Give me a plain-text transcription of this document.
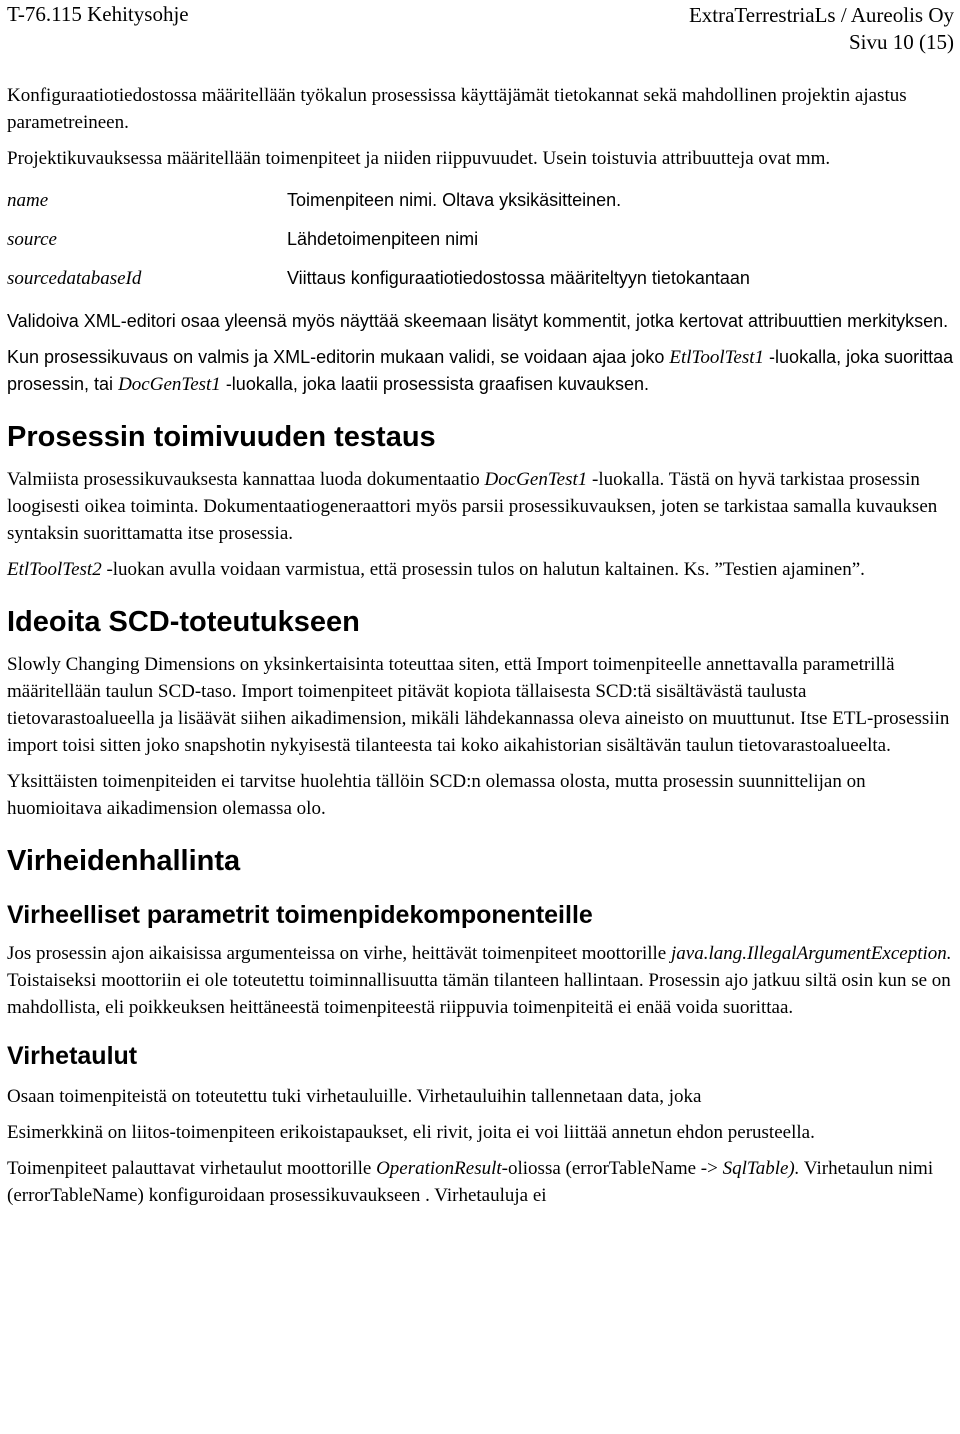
T-76.115 Kehitysohje	ExtraTerrestriaLs / Aureolis Oy
Sivu 10 (15)

Konfiguraatiotiedostossa määritellään työkalun prosessissa käyttäjämät tietokannat sekä mahdollinen projektin ajastus parametreineen.

Projektikuvauksessa määritellään toimenpiteet ja niiden riippuvuudet. Usein toistuvia attribuutteja ovat mm.

name	Toimenpiteen nimi. Oltava yksikäsitteinen.
source	Lähdetoimenpiteen nimi
sourcedatabaseId	Viittaus konfiguraatiotiedostossa määriteltyyn tietokantaan

Validoiva XML-editori osaa yleensä myös näyttää skeemaan lisätyt kommentit, jotka kertovat attribuuttien merkityksen.

Kun prosessikuvaus on valmis ja XML-editorin mukaan validi, se voidaan ajaa joko EtlToolTest1 -luokalla, joka suorittaa prosessin, tai DocGenTest1 -luokalla, joka laatii prosessista graafisen kuvauksen.

Prosessin toimivuuden testaus

Valmiista prosessikuvauksesta kannattaa luoda dokumentaatio DocGenTest1 -luokalla. Tästä on hyvä tarkistaa prosessin loogisesti oikea toiminta. Dokumentaatiogeneraattori myös parsii prosessikuvauksen, joten se tarkistaa samalla kuvauksen syntaksin suorittamatta itse prosessia.

EtlToolTest2 -luokan avulla voidaan varmistua, että prosessin tulos on halutun kaltainen. Ks. ”Testien ajaminen”.

Ideoita SCD-toteutukseen

Slowly Changing Dimensions on yksinkertaisinta toteuttaa siten, että Import toimenpiteelle annettavalla parametrillä määritellään taulun SCD-taso. Import toimenpiteet pitävät kopiota tällaisesta SCD:tä sisältävästä taulusta tietovarastoalueella ja lisäävät siihen aikadimension, mikäli lähdekannassa oleva aineisto on muuttunut. Itse ETL-prosessiin import toisi sitten joko snapshotin nykyisestä tilanteesta tai koko aikahistorian sisältävän taulun tietovarastoalueelta.

Yksittäisten toimenpiteiden ei tarvitse huolehtia tällöin SCD:n olemassa olosta, mutta prosessin suunnittelijan on huomioitava aikadimension olemassa olo.

Virheidenhallinta
Virheelliset parametrit toimenpidekomponenteille

Jos prosessin ajon aikaisissa argumenteissa on virhe, heittävät toimenpiteet moottorille java.lang.IllegalArgumentException. Toistaiseksi moottoriin ei ole toteutettu toiminnallisuutta tämän tilanteen hallintaan. Prosessin ajo jatkuu siltä osin kun se on mahdollista, eli poikkeuksen heittäneestä toimenpiteestä riippuvia toimenpiteitä ei enää voida suorittaa.

Virhetaulut

Osaan toimenpiteistä on toteutettu tuki virhetauluille. Virhetauluihin tallennetaan data, joka

Esimerkkinä on liitos-toimenpiteen erikoistapaukset, eli rivit, joita ei voi liittää annetun ehdon perusteella.

Toimenpiteet palauttavat virhetaulut moottorille OperationResult-oliossa (errorTableName -> SqlTable). Virhetaulun nimi (errorTableName) konfiguroidaan prosessikuvaukseen . Virhetauluja ei
